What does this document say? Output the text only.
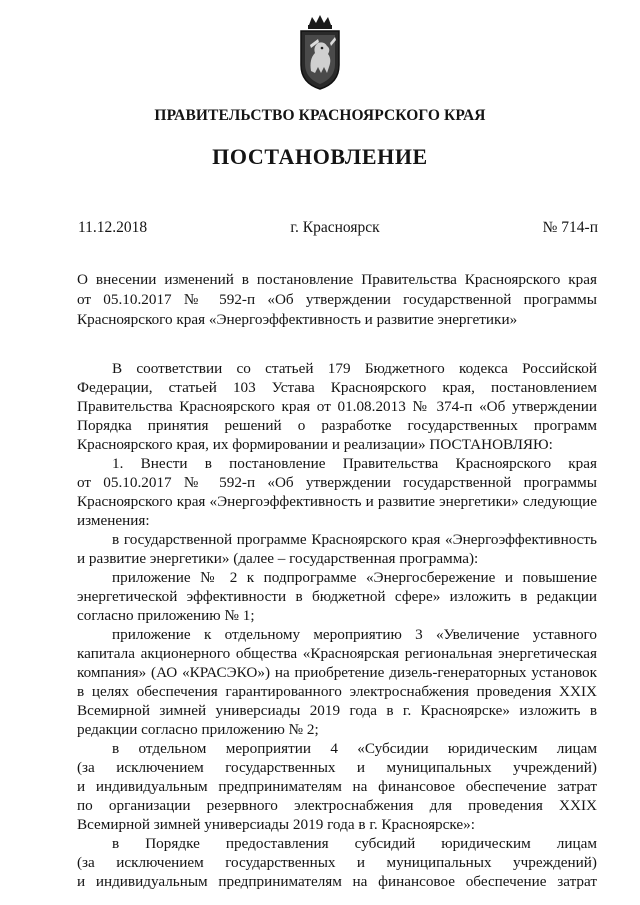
ПРАВИТЕЛЬСТВО КРАСНОЯРСКОГО КРАЯ
ПОСТАНОВЛЕНИЕ
11.12.2018	г. Красноярск	№ 714-п
О внесении изменений в постановление Правительства Красноярского края
от 05.10.2017 № 592-п «Об утверждении государственной программы
Красноярского края «Энергоэффективность и развитие энергетики»
В соответствии со статьей 179 Бюджетного кодекса Российской
Федерации, статьей 103 Устава Красноярского края, постановлением
Правительства Красноярского края от 01.08.2013 № 374-п «Об утверждении
Порядка принятия решений о разработке государственных программ
Красноярского края, их формировании и реализации» ПОСТАНОВЛЯЮ:
1. Внести в постановление Правительства Красноярского края
от 05.10.2017 № 592-п «Об утверждении государственной программы
Красноярского края «Энергоэффективность и развитие энергетики» следующие
изменения:
в государственной программе Красноярского края «Энергоэффективность
и развитие энергетики» (далее – государственная программа):
приложение № 2 к подпрограмме «Энергосбережение и повышение
энергетической эффективности в бюджетной сфере» изложить в редакции
согласно приложению № 1;
приложение к отдельному мероприятию 3 «Увеличение уставного
капитала акционерного общества «Красноярская региональная энергетическая
компания» (АО «КРАСЭКО») на приобретение дизель-генераторных установок
в целях обеспечения гарантированного электроснабжения проведения XXIX
Всемирной зимней универсиады 2019 года в г. Красноярске» изложить в
редакции согласно приложению № 2;
в отдельном мероприятии 4 «Субсидии юридическим лицам
(за исключением государственных и муниципальных учреждений)
и индивидуальным предпринимателям на финансовое обеспечение затрат
по организации резервного электроснабжения для проведения XXIX
Всемирной зимней универсиады 2019 года в г. Красноярске»:
в Порядке предоставления субсидий юридическим лицам
(за исключением государственных и муниципальных учреждений)
и индивидуальным предпринимателям на финансовое обеспечение затрат
